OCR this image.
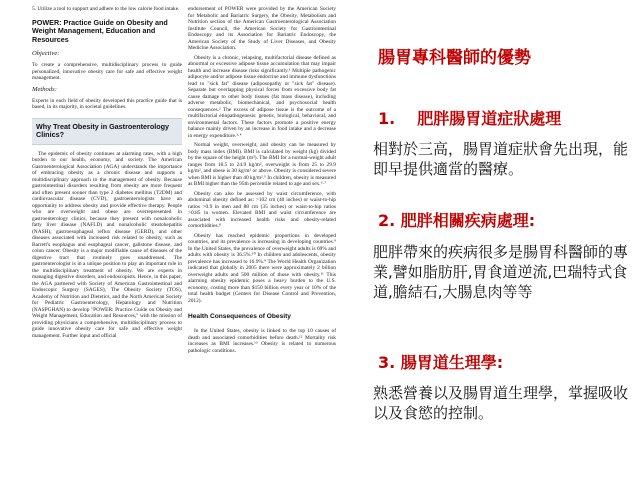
5. Utilize a tool to support and adhere to the low calorie food intake.

POWER: Practice Guide on Obesity and Weight Management, Education and Resources
Objective:

To create a comprehensive, multidisciplinary process to guide personalized, innovative obesity care for safe and effective weight management.

Methods:

Experts in each field of obesity developed this practice guide that is based, in its majority, in societal guidelines.

Why Treat Obesity in Gastroenterology Clinics?

The epidemic of obesity continues at alarming rates, with a high burden to our health, economy, and society. The American Gastroenterological Association (AGA) understands the importance of embracing obesity as a chronic disease and supports a multidisciplinary approach to the management of obesity. Because gastrointestinal disorders resulting from obesity are more frequent and often present sooner than type 2 diabetes mellitus (T2DM) and cardiovascular disease (CVD), gastroenterologists have an opportunity to address obesity and provide effective therapy. People who are overweight and obese are overrepresented in gastroenterology clinics, because they present with nonalcoholic fatty liver disease (NAFLD) and nonalcoholic steatohepatitis (NASH), gastroesophageal reflux disease (GERD), and other diseases associated with increased risk related to obesity, such as Barrett's esophagus and esophageal cancer, gallstone disease, and colon cancer. Obesity is a major modifiable cause of diseases of the digestive tract that routinely goes unaddressed. The gastroenterologist is in a unique position to play an important role in the multidisciplinary treatment of obesity. We are experts in managing digestive disorders, and endoscopists. Hence, in this paper, the AGA partnered with Society of American Gastrointestinal and Endoscopic Surgery (SAGES), The Obesity Society (TOS), Academy of Nutrition and Dietetics, and the North American Society for Pediatric Gastroenterology, Hepatology and Nutrition (NASPGHAN) to develop "POWER: Practice Guide on Obesity and Weight Management, Education and Resources," with the mission of providing physicians a comprehensive, multidisciplinary process to guide innovative obesity care for safe and effective weight management. Further input and official

endorsement of POWER were provided by the American Society for Metabolic and Bariatric Surgery, the Obesity, Metabolism and Nutrition section of the American Gastroenterological Association Institute Council, the American Society for Gastrointestinal Endoscopy and its Association for Bariatric Endoscopy, the American Society of the Study of Liver Diseases, and Obesity Medicine Association.

Obesity is a chronic, relapsing, multifactorial disease defined as abnormal or excessive adipose tissue accumulation that may impair health and increase disease risks significantly.¹ Multiple pathogenic adipocyte and/or adipose tissue endocrine and immune dysfunctions lead to "sick fat" disease (adiposopathy or "sick fat" disease). Separate but overlapping physical forces from excessive body fat cause damage to other body tissues (fat mass disease), including adverse metabolic, biomechanical, and psychosocial health consequences.² The excess of adipose tissue is the outcome of a multifactorial etiopathogenesis: genetic, biological, behavioral, and environmental factors. These factors promote a positive energy balance mainly driven by an increase in food intake and a decrease in energy expenditure.³·⁴

Normal weight, overweight, and obesity can be measured by body mass index (BMI). BMI is calculated by weight (kg) divided by the square of the height (m²). The BMI for a normal-weight adult ranges from 18.5 to 24.9 kg/m², overweight is from 25 to 29.9 kg/m², and obese is 30 kg/m² or above. Obesity is considered severe when BMI is higher than 40 kg/m².⁵ In children, obesity is measured as BMI higher than the 95th percentile related to age and sex.⁶·⁷

Obesity can also be assessed by waist circumference, with abdominal obesity defined as: >102 cm (40 inches) or waist-to-hip ratios >0.9 in men and 88 cm (35 inches) or waist-to-hip ratios >0.85 in women. Elevated BMI and waist circumference are associated with increased health risks and obesity-related comorbidities.⁸

Obesity has reached epidemic proportions in developed countries, and its prevalence is increasing in developing countries.⁹ In the United States, the prevalence of overweight adults is 69% and adults with obesity is 36.5%.¹⁰ In children and adolescents, obesity prevalence has increased to 16.9%.⁹ The World Health Organization indicated that globally in 2005 there were approximately 2 billion overweight adults and 500 million of those with obesity.¹¹ This alarming obesity epidemic poses a heavy burden to the U.S. economy, costing more than $150 billion every year or 10% of the total health budget (Centers for Disease Control and Prevention, 2012).

Health Consequences of Obesity

In the United States, obesity is linked to the top 10 causes of death and associated comorbidities before death.¹² Mortality risk increases as BMI increases.¹³ Obesity is related to numerous pathologic conditions.

腸胃專科醫師的優勢
1. 肥胖腸胃道症狀處理
相對於三高，腸胃道症狀會先出現，能即早提供適當的醫療。
2. 肥胖相關疾病處理:
肥胖帶來的疾病很多是腸胃科醫師的專業,譬如脂肪肝,胃食道逆流,巴瑞特式食道,膽結石,大腸息肉等等
3. 腸胃道生理學:
熟悉營養以及腸胃道生理學，掌握吸收以及食慾的控制。
